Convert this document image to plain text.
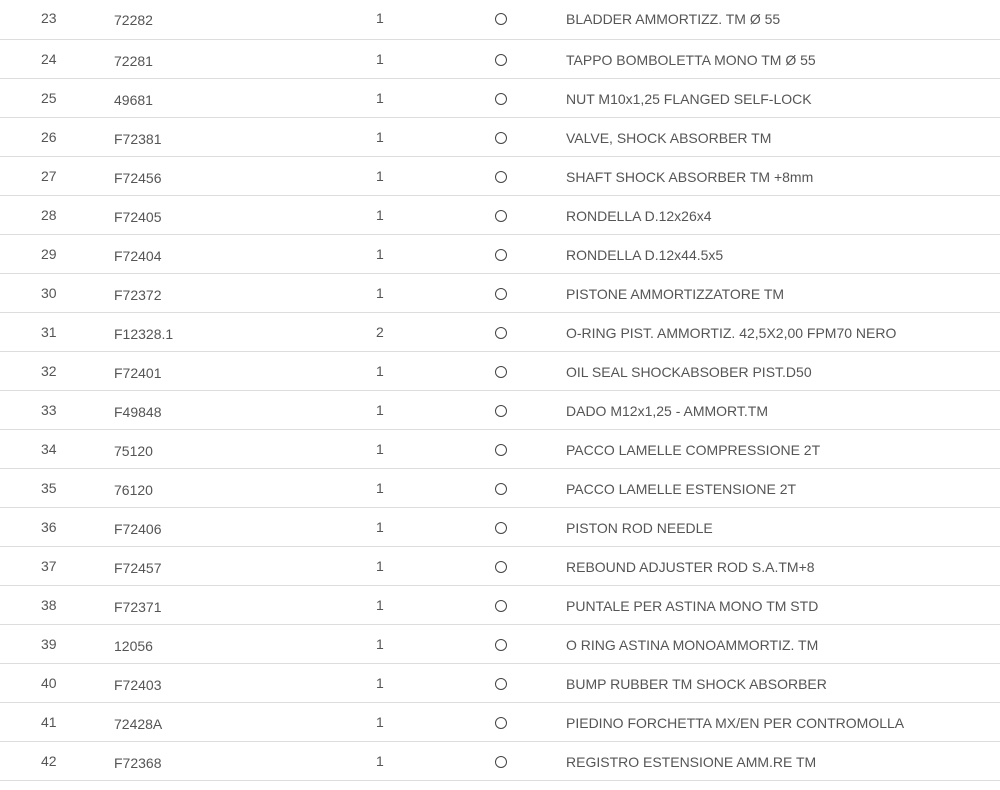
23	72282	1	BLADDER AMMORTIZZ. TM Ø 55
24	72281	1	TAPPO BOMBOLETTA MONO TM Ø 55
25	49681	1	NUT M10x1,25 FLANGED SELF-LOCK
26	F72381	1	VALVE, SHOCK ABSORBER TM
27	F72456	1	SHAFT SHOCK ABSORBER TM +8mm
28	F72405	1	RONDELLA D.12x26x4
29	F72404	1	RONDELLA D.12x44.5x5
30	F72372	1	PISTONE AMMORTIZZATORE TM
31	F12328.1	2	O-RING PIST. AMMORTIZ. 42,5X2,00 FPM70 NERO
32	F72401	1	OIL SEAL SHOCKABSOBER PIST.D50
33	F49848	1	DADO M12x1,25 - AMMORT.TM
34	75120	1	PACCO LAMELLE COMPRESSIONE 2T
35	76120	1	PACCO LAMELLE ESTENSIONE 2T
36	F72406	1	PISTON ROD NEEDLE
37	F72457	1	REBOUND ADJUSTER ROD S.A.TM+8
38	F72371	1	PUNTALE PER ASTINA MONO TM STD
39	12056	1	O RING ASTINA MONOAMMORTIZ. TM
40	F72403	1	BUMP RUBBER TM SHOCK ABSORBER
41	72428A	1	PIEDINO FORCHETTA MX/EN PER CONTROMOLLA
42	F72368	1	REGISTRO ESTENSIONE AMM.RE TM
